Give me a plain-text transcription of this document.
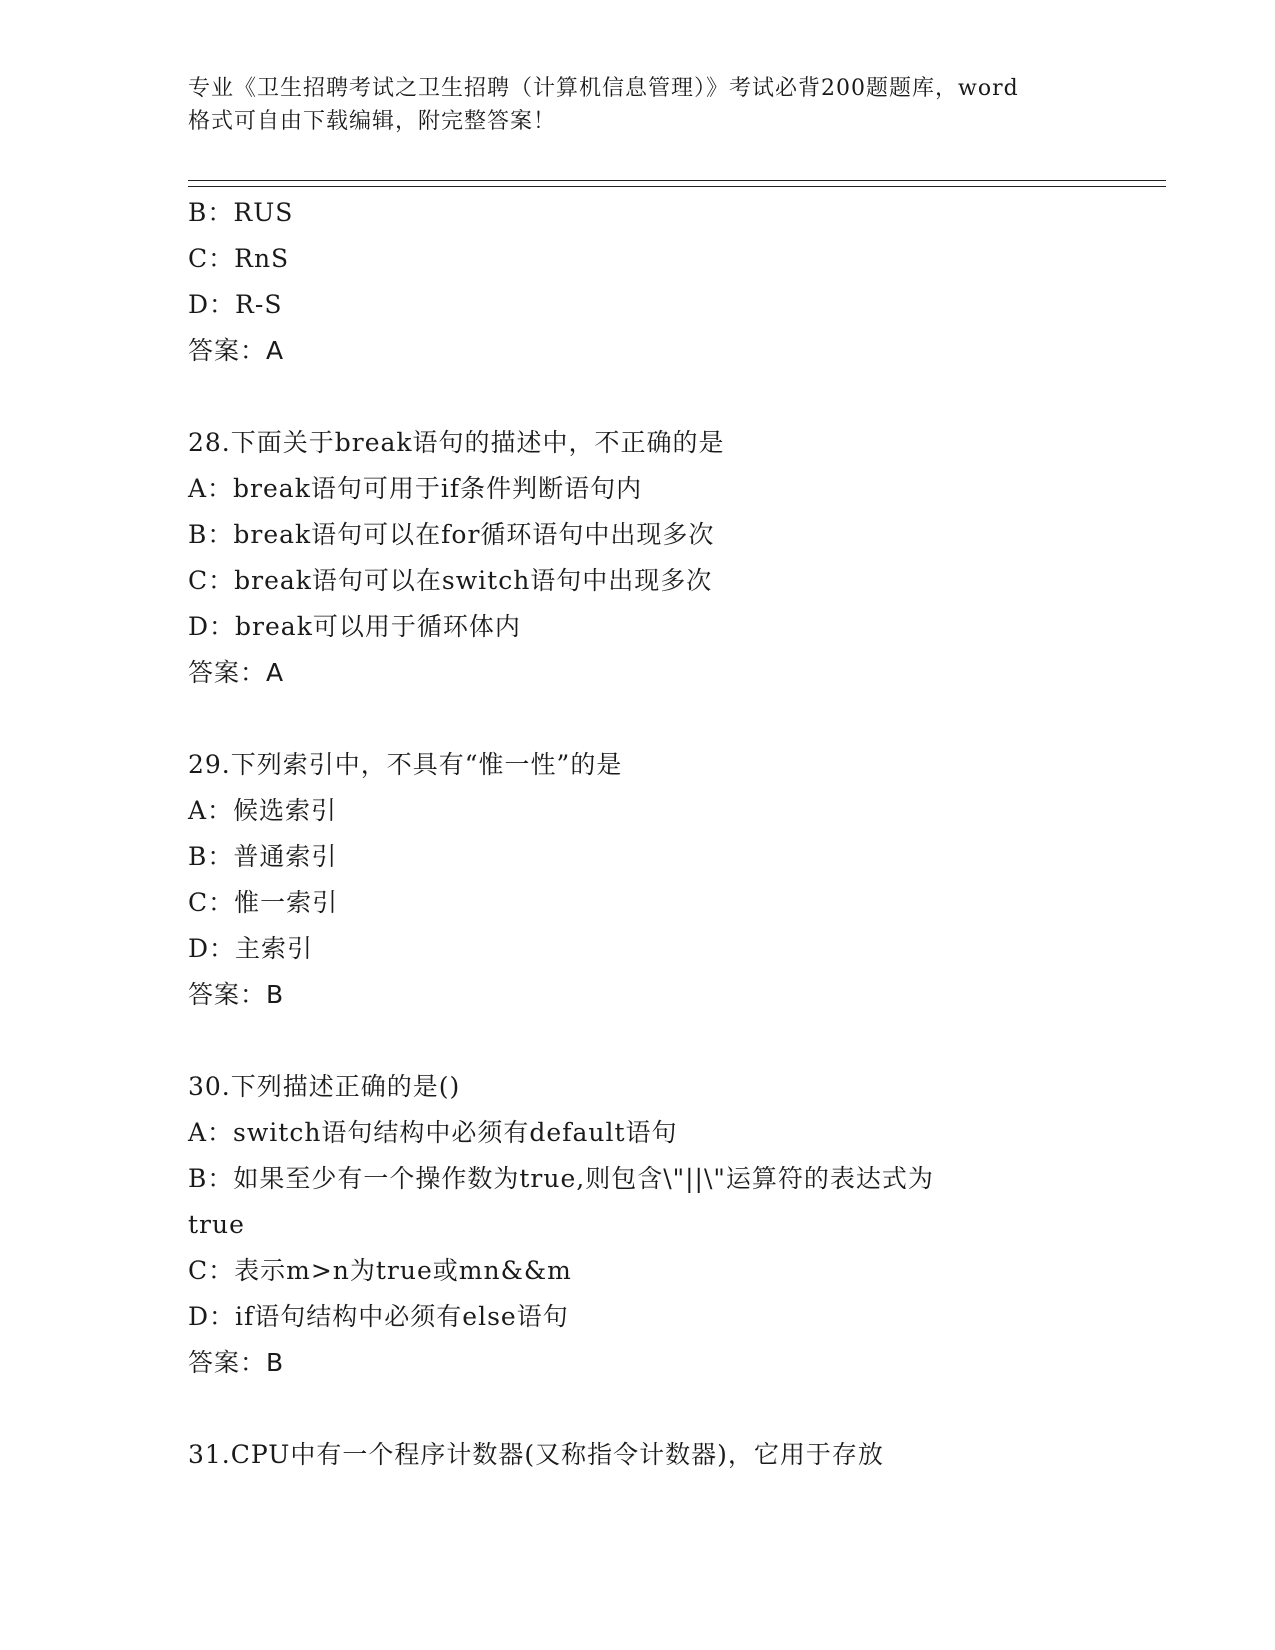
专业《卫生招聘考试之卫生招聘（计算机信息管理）》考试必背200题题库，word
格式可自由下载编辑，附完整答案！
B：RUS
C：RnS
D：R-S
答案：A
28.下面关于break语句的描述中，不正确的是
A：break语句可用于if条件判断语句内
B：break语句可以在for循环语句中出现多次
C：break语句可以在switch语句中出现多次
D：break可以用于循环体内
答案：A
29.下列索引中，不具有“惟一性”的是
A：候选索引
B：普通索引
C：惟一索引
D：主索引
答案：B
30.下列描述正确的是()
A：switch语句结构中必须有default语句
B：如果至少有一个操作数为true,则包含\"||\"运算符的表达式为
true
C：表示m>n为true或mn&&m
D：if语句结构中必须有else语句
答案：B
31.CPU中有一个程序计数器(又称指令计数器)，它用于存放
